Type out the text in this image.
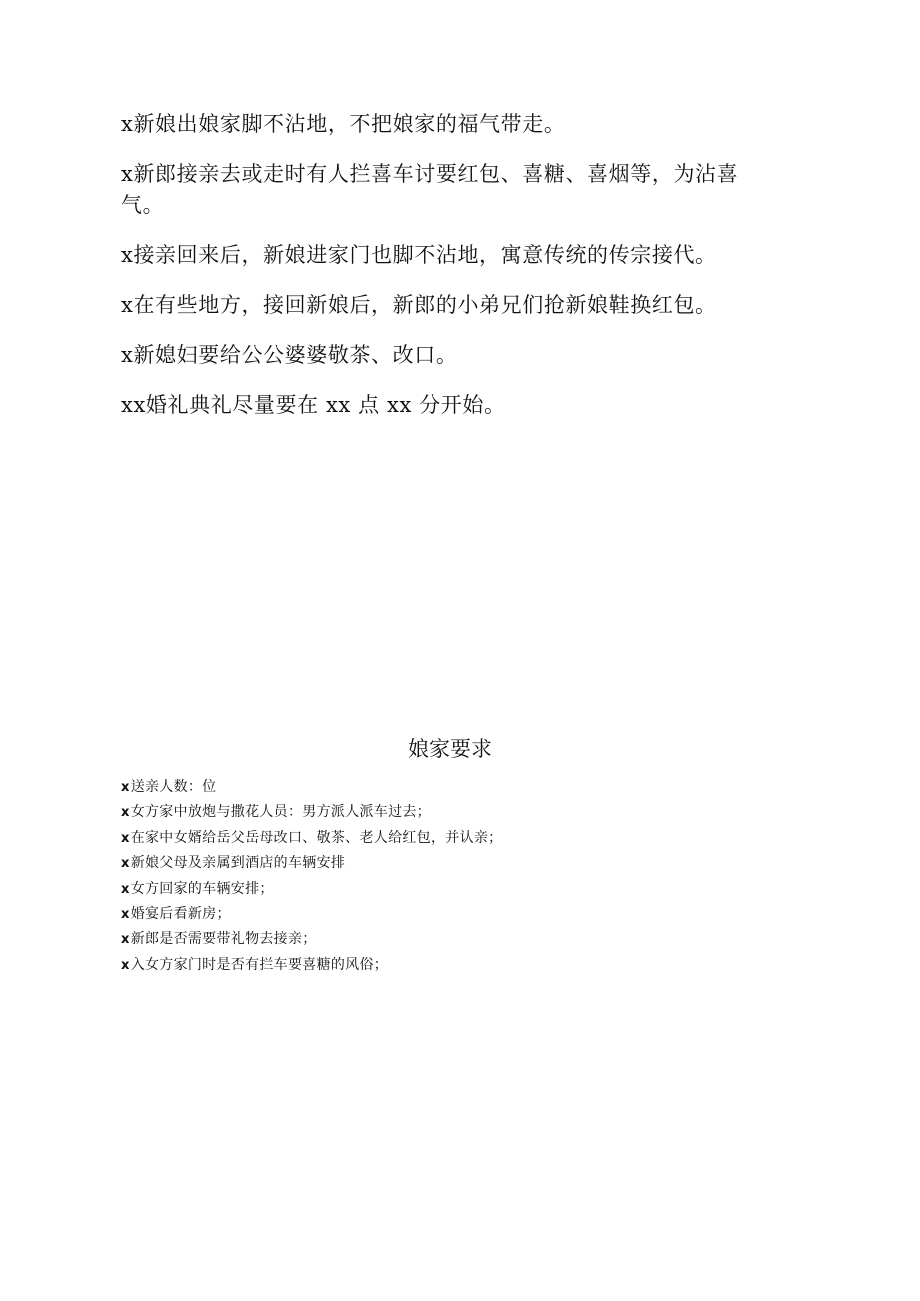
x新娘出娘家脚不沾地，不把娘家的福气带走。

x新郎接亲去或走时有人拦喜车讨要红包、喜糖、喜烟等，为沾喜气。

x接亲回来后，新娘进家门也脚不沾地，寓意传统的传宗接代。

x在有些地方，接回新娘后，新郎的小弟兄们抢新娘鞋换红包。

x新媳妇要给公公婆婆敬茶、改口。

xx婚礼典礼尽量要在 xx 点 xx 分开始。

娘家要求
x送亲人数：位
x女方家中放炮与撒花人员：男方派人派车过去；
x在家中女婿给岳父岳母改口、敬茶、老人给红包，并认亲；
x新娘父母及亲属到酒店的车辆安排
x女方回家的车辆安排；
x婚宴后看新房；
x新郎是否需要带礼物去接亲；
x入女方家门时是否有拦车要喜糖的风俗；
